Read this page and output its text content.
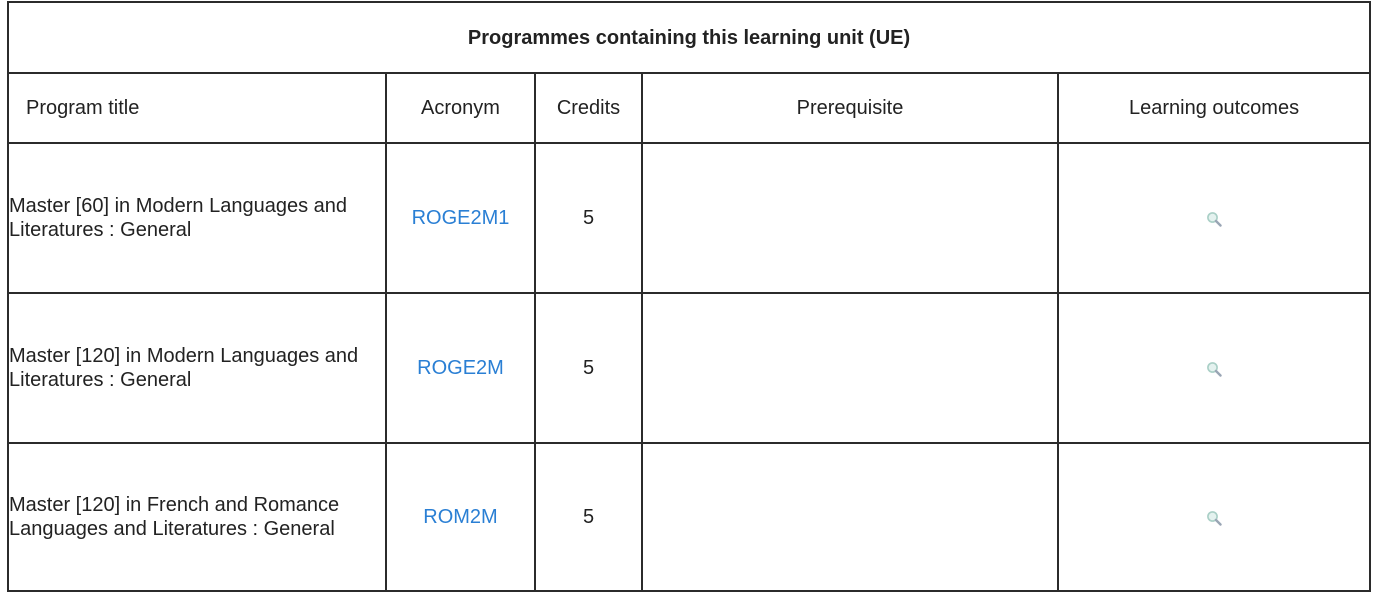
Programmes containing this learning unit (UE)				
Program title	Acronym	Credits	Prerequisite	Learning outcomes
Master [60] in Modern Languages and Literatures : General	ROGE2M1	5		
Master [120] in Modern Languages and Literatures : General	ROGE2M	5		
Master [120] in French and Romance Languages and Literatures : General	ROM2M	5		
